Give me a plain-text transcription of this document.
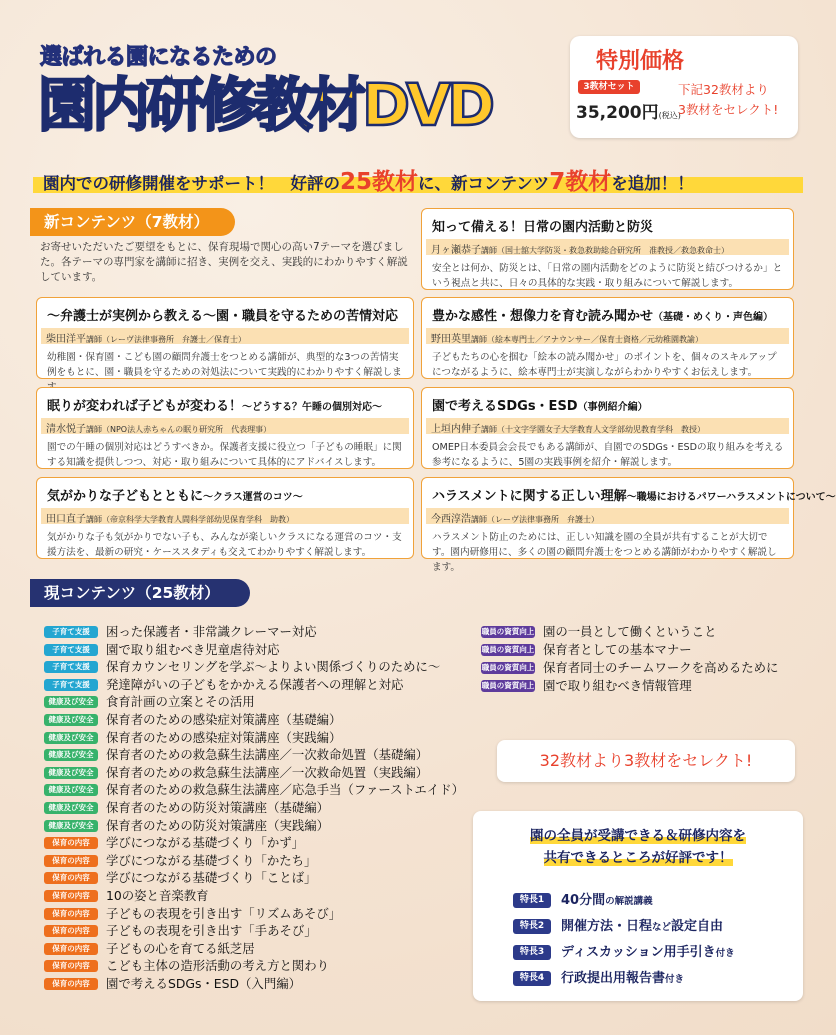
選ばれる園になるための
園内研修教材DVD
特別価格
3教材セット
35,200円(税込)
下記32教材より
3教材をセレクト!
園内での研修開催をサポート！　好評の25教材に、新コンテンツ7教材を追加！！
新コンテンツ（7教材）
お寄せいただいたご要望をもとに、保育現場で関心の高い7テーマを選びました。各テーマの専門家を講師に招き、実例を交え、実践的にわかりやすく解説しています。
知って備える！日常の園内活動と防災
月ヶ瀬恭子講師（国士舘大学防災・救急救助総合研究所　准教授／救急救命士）
安全とは何か、防災とは、「日常の園内活動をどのように防災と結びつけるか」という視点と共に、日々の具体的な実践・取り組みについて解説します。
～弁護士が実例から教える～園・職員を守るための苦情対応
柴田洋平講師（レーヴ法律事務所　弁護士／保育士）
幼稚園・保育園・こども園の顧問弁護士をつとめる講師が、典型的な3つの苦情実例をもとに、園・職員を守るための対処法について実践的にわかりやすく解説しま
豊かな感性・想像力を育む読み聞かせ（基礎・めくり・声色編）
野田英里講師（絵本専門士／アナウンサー／保育士資格／元幼稚園教諭）
子どもたちの心を掴む「絵本の読み聞かせ」のポイントを、個々のスキルアップにつながるように、絵本専門士が実演しながらわかりやすくお伝えします。
眠りが変われば子どもが変わる！～どうする？午睡の個別対応～
清水悦子講師（NPO法人赤ちゃんの眠り研究所　代表理事）
園での午睡の個別対応はどうすべきか。保護者支援に役立つ「子どもの睡眠」に関する知識を提供しつつ、対応・取り組みについて具体的にアドバイスします。
園で考えるSDGs・ESD（事例紹介編）
上垣内伸子講師（十文字学園女子大学教育人文学部幼児教育学科　教授）
OMEP日本委員会会長でもある講師が、自園でのSDGs・ESDの取り組みを考える参考になるように、5園の実践事例を紹介・解説します。
気がかりな子どもとともに～クラス運営のコツ～
田口直子講師（帝京科学大学教育人間科学部幼児保育学科　助教）
気がかりな子も気がかりでない子も、みんなが楽しいクラスになる運営のコツ・支援方法を、最新の研究・ケーススタディも交えてわかりやすく解説します。
ハラスメントに関する正しい理解～職場におけるパワーハラスメントについて～
今西淳浩講師（レーヴ法律事務所　弁護士）
ハラスメント防止のためには、正しい知識を園の全員が共有することが大切です。園内研修用に、多くの園の顧問弁護士をつとめる講師がわかりやすく解説します。
現コンテンツ（25教材）
子育て支援	困った保護者・非常識クレーマー対応
子育て支援	園で取り組むべき児童虐待対応
子育て支援	保育カウンセリングを学ぶ～よりよい関係づくりのために～
子育て支援	発達障がいの子どもをかかえる保護者への理解と対応
健康及び安全	食育計画の立案とその活用
健康及び安全	保育者のための感染症対策講座（基礎編）
健康及び安全	保育者のための感染症対策講座（実践編）
健康及び安全	保育者のための救急蘇生法講座／一次救命処置（基礎編）
健康及び安全	保育者のための救急蘇生法講座／一次救命処置（実践編）
健康及び安全	保育者のための救急蘇生法講座／応急手当（ファーストエイド）
健康及び安全	保育者のための防災対策講座（基礎編）
健康及び安全	保育者のための防災対策講座（実践編）
保育の内容	学びにつながる基礎づくり「かず」
保育の内容	学びにつながる基礎づくり「かたち」
保育の内容	学びにつながる基礎づくり「ことば」
保育の内容	10の姿と音楽教育
保育の内容	子どもの表現を引き出す「リズムあそび」
保育の内容	子どもの表現を引き出す「手あそび」
保育の内容	子どもの心を育てる紙芝居
保育の内容	こども主体の造形活動の考え方と関わり
保育の内容	園で考えるSDGs・ESD（入門編）
職員の資質向上 園の一員として働くということ
職員の資質向上 保育者としての基本マナー
職員の資質向上 保育者同士のチームワークを高めるために
職員の資質向上 園で取り組むべき情報管理
32教材より3教材をセレクト!
園の全員が受講できる＆研修内容を
共有できるところが好評です！
特長1	40分間の解説講義
特長2	開催方法・日程など設定自由
特長3	ディスカッション用手引き付き
特長4	行政提出用報告書付き
